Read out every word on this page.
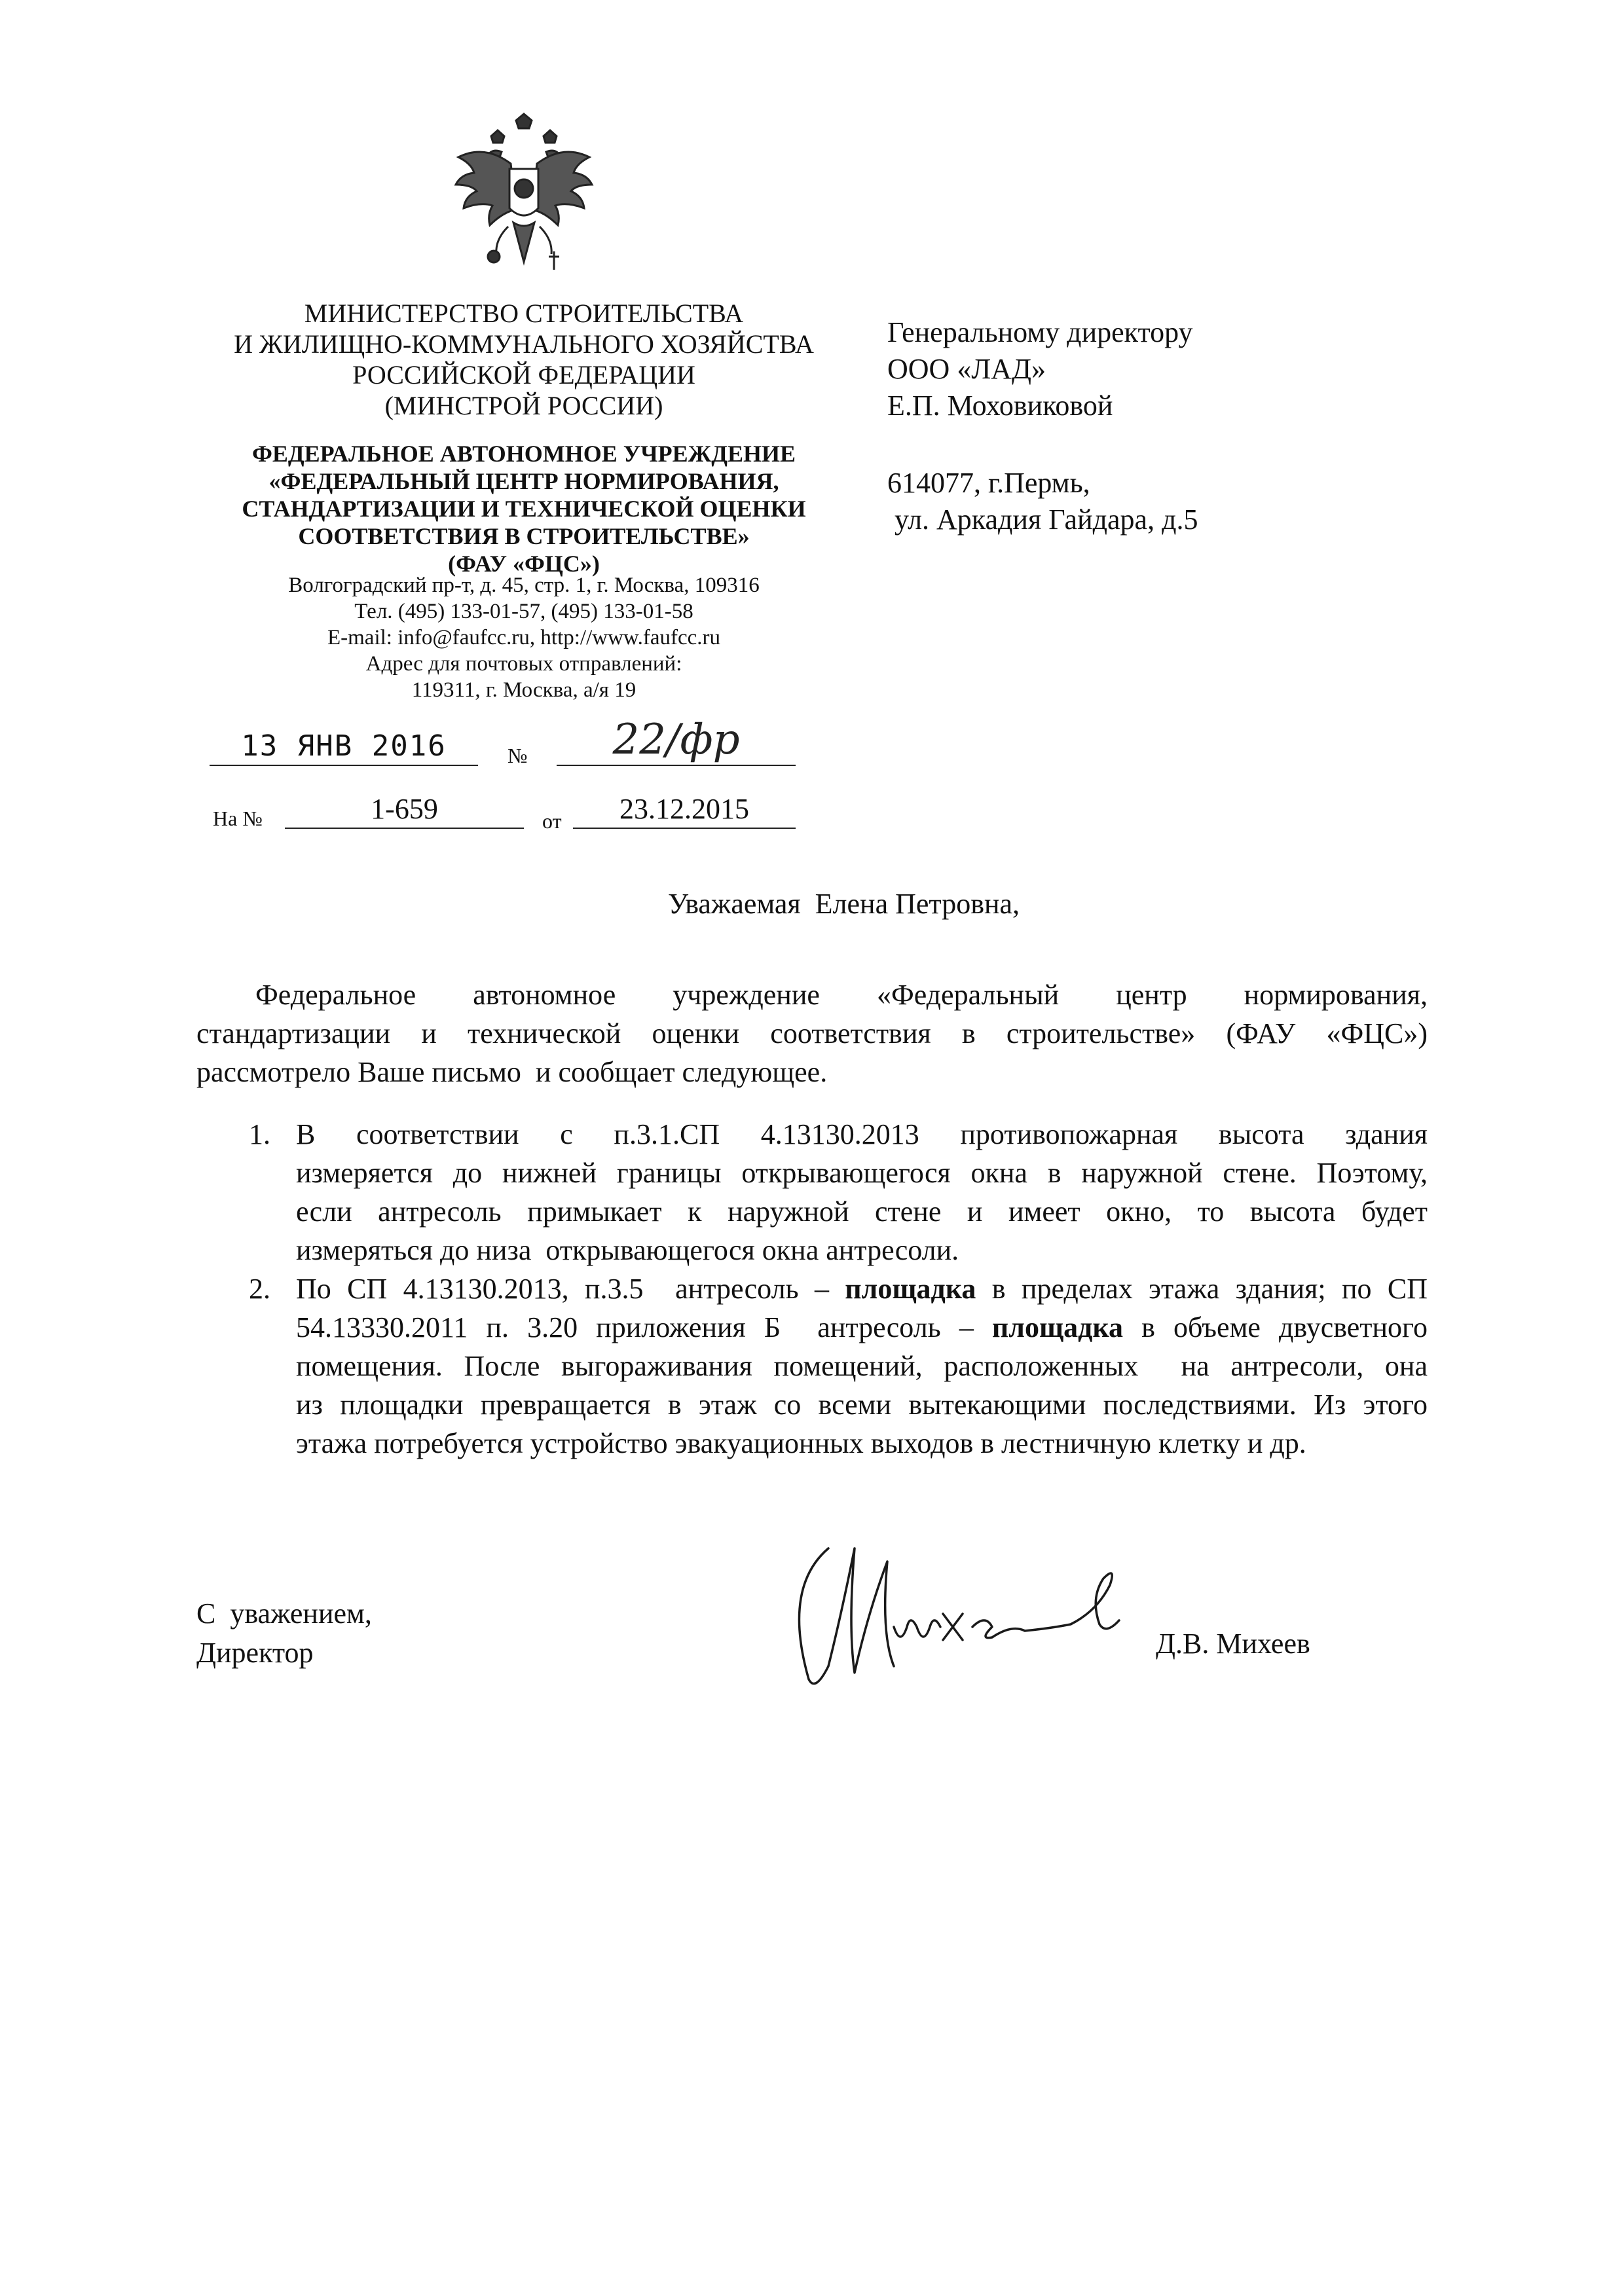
МИНИСТЕРСТВО СТРОИТЕЛЬСТВА
И ЖИЛИЩНО-КОММУНАЛЬНОГО ХОЗЯЙСТВА
РОССИЙСКОЙ ФЕДЕРАЦИИ
(МИНСТРОЙ РОССИИ)
ФЕДЕРАЛЬНОЕ АВТОНОМНОЕ УЧРЕЖДЕНИЕ
«ФЕДЕРАЛЬНЫЙ ЦЕНТР НОРМИРОВАНИЯ,
СТАНДАРТИЗАЦИИ И ТЕХНИЧЕСКОЙ ОЦЕНКИ
СООТВЕТСТВИЯ В СТРОИТЕЛЬСТВЕ»
(ФАУ «ФЦС»)
Волгоградский пр-т, д. 45, стр. 1, г. Москва, 109316
Тел. (495) 133-01-57, (495) 133-01-58
E-mail: info@faufcc.ru, http://www.faufcc.ru
Адрес для почтовых отправлений:
119311, г. Москва, а/я 19
Генеральному директору
ООО «ЛАД»
Е.П. Моховиковой
614077, г.Пермь,
ул. Аркадия Гайдара, д.5
13 ЯНВ 2016	№	22/фр
На №	1-659	от	23.12.2015
Уважаемая  Елена Петровна,
Федеральное автономное учреждение «Федеральный центр нормирования,
стандартизации и технической оценки соответствия в строительстве» (ФАУ «ФЦС»)
рассмотрело Ваше письмо  и сообщает следующее.
1. В соответствии с п.3.1.СП 4.13130.2013 противопожарная высота здания
измеряется до нижней границы открывающегося окна в наружной стене. Поэтому,
если антресоль примыкает к наружной стене и имеет окно, то высота будет
измеряться до низа  открывающегося окна антресоли.
2. По СП 4.13130.2013, п.3.5  антресоль – площадка в пределах этажа здания; по СП
54.13330.2011 п. 3.20 приложения Б  антресоль – площадка в объеме двусветного
помещения. После выгораживания помещений, расположенных  на антресоли, она
из площадки превращается в этаж со всеми вытекающими последствиями. Из этого
этажа потребуется устройство эвакуационных выходов в лестничную клетку и др.
С  уважением,
Директор	Д.В. Михеев
